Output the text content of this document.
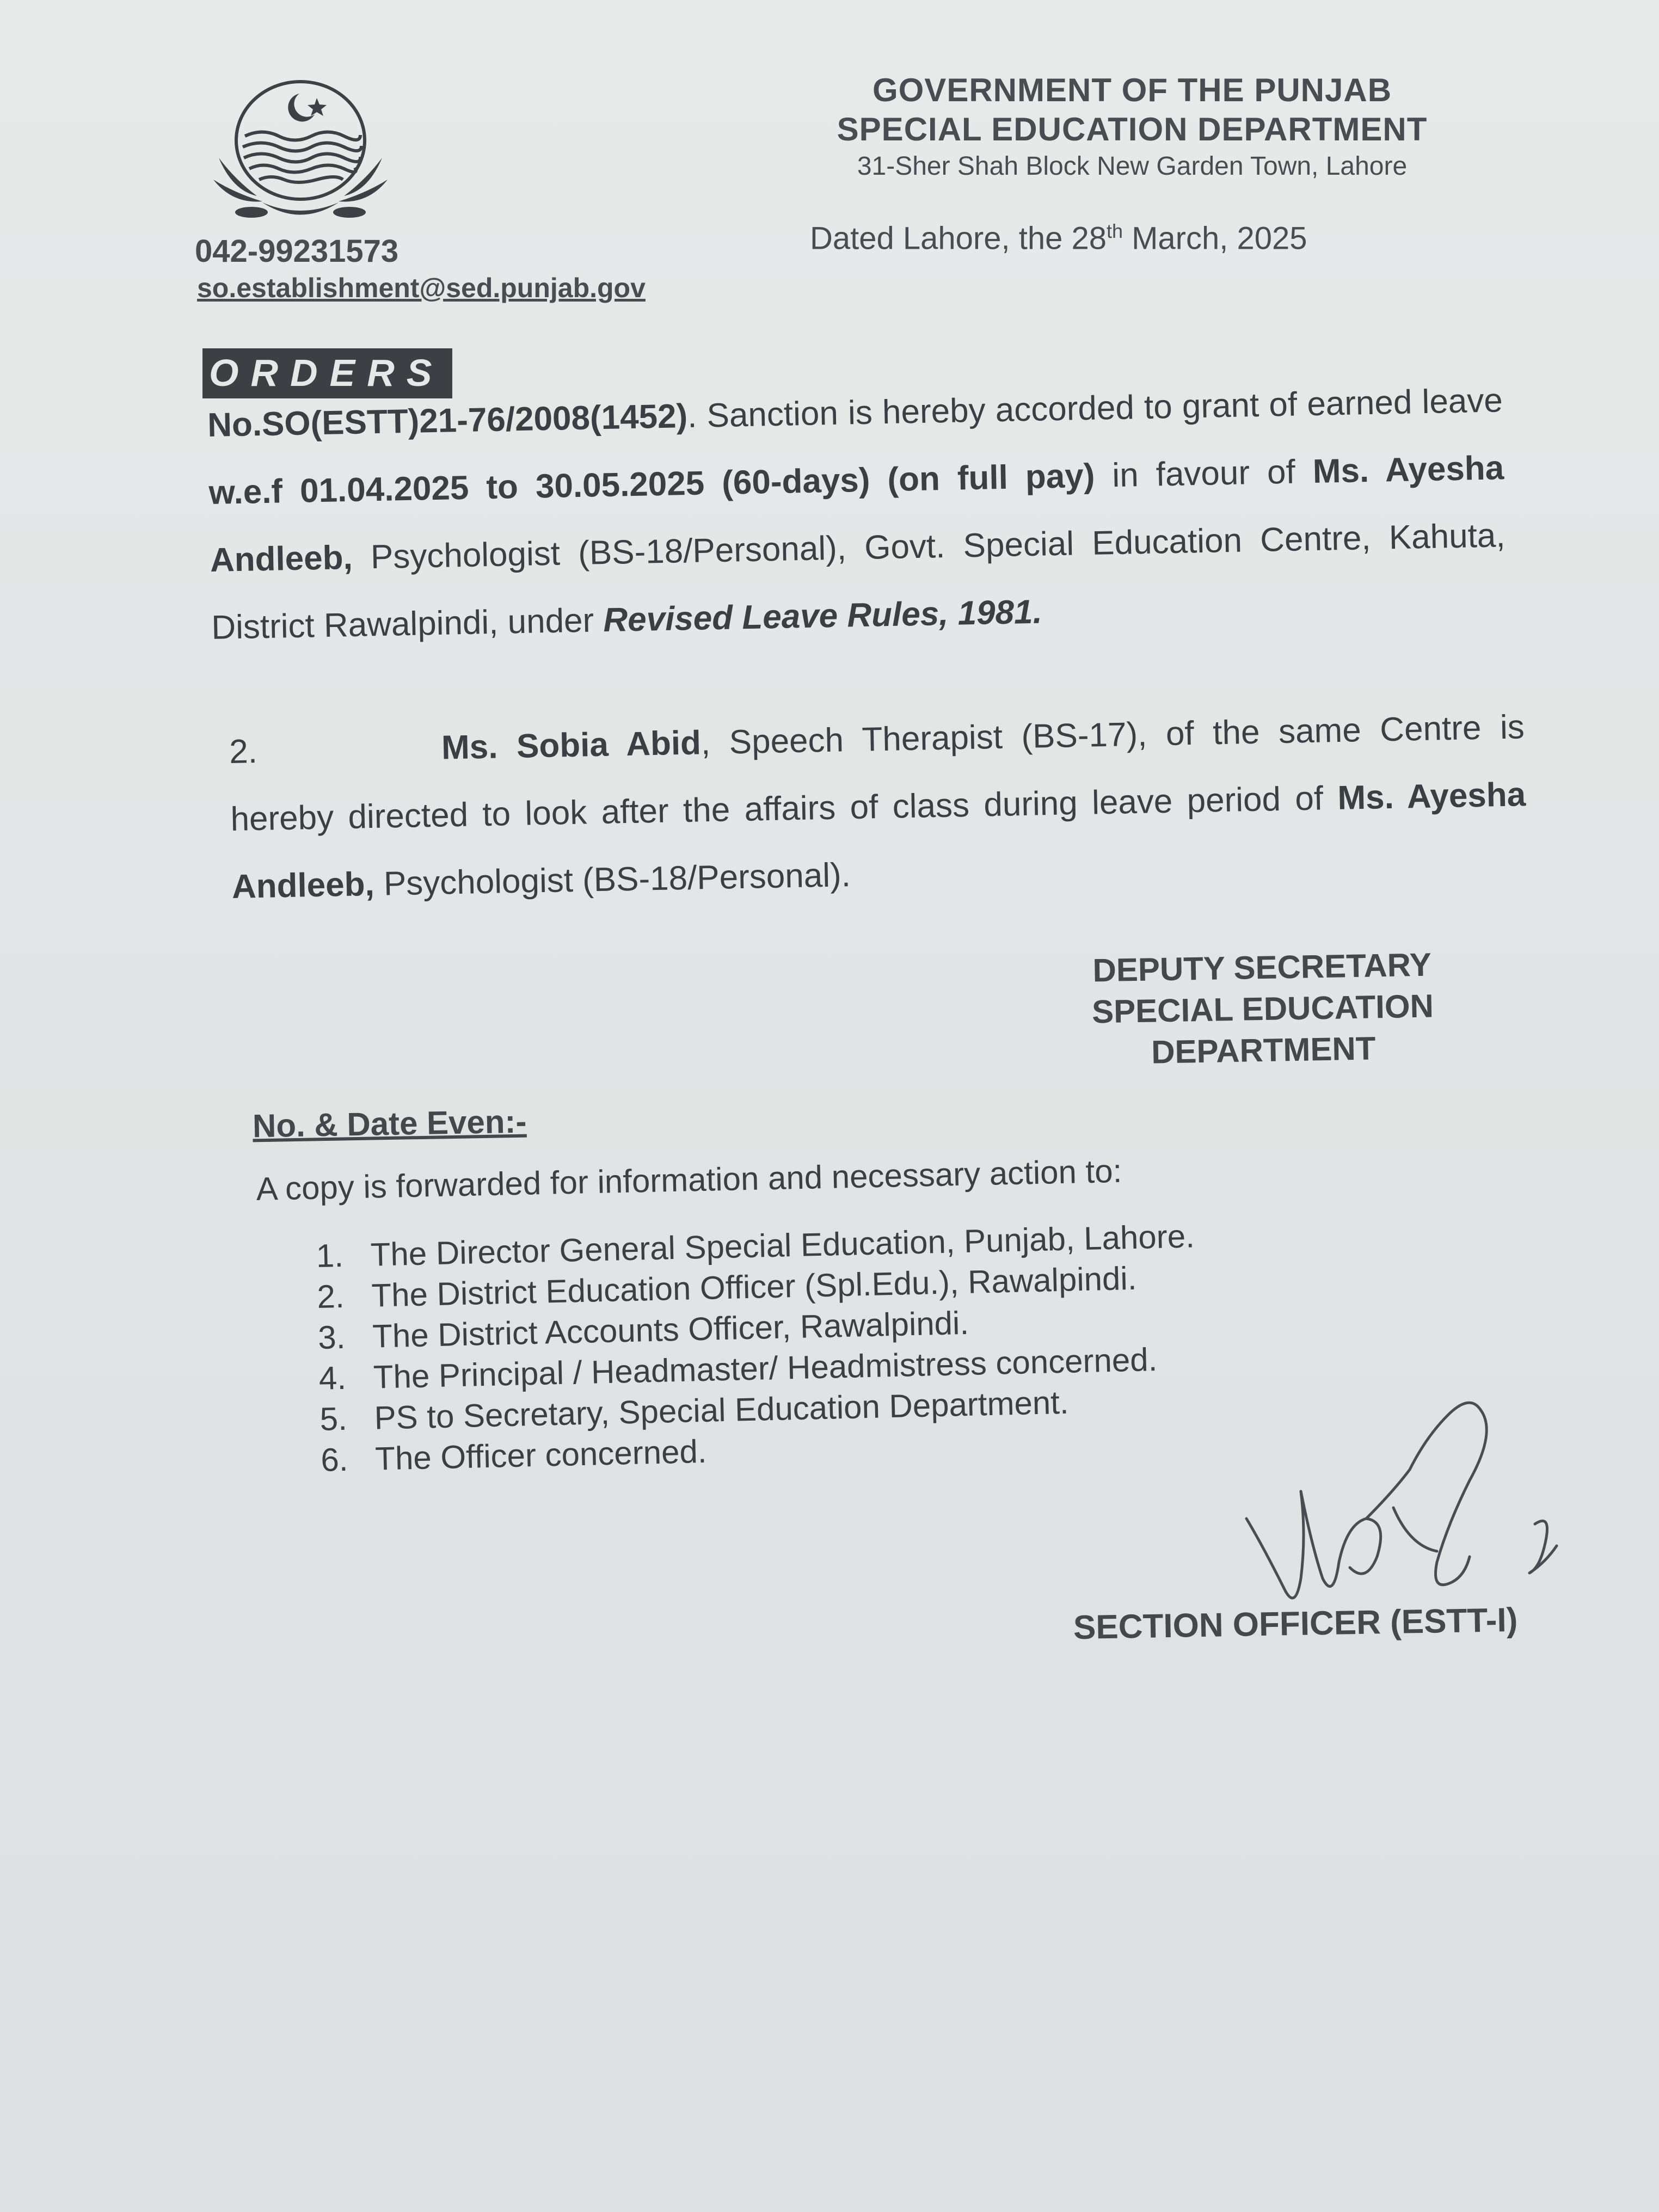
GOVERNMENT OF THE PUNJAB
SPECIAL EDUCATION DEPARTMENT
31-Sher Shah Block New Garden Town, Lahore
042-99231573
so.establishment@sed.punjab.gov
Dated Lahore, the 28th March, 2025
ORDERS
No.SO(ESTT)21-76/2008(1452). Sanction is hereby accorded to grant of earned leave w.e.f 01.04.2025 to 30.05.2025 (60-days) (on full pay) in favour of Ms. Ayesha Andleeb, Psychologist (BS-18/Personal), Govt. Special Education Centre, Kahuta, District Rawalpindi, under Revised Leave Rules, 1981.
2.	Ms. Sobia Abid, Speech Therapist (BS-17), of the same Centre is hereby directed to look after the affairs of class during leave period of Ms. Ayesha Andleeb, Psychologist (BS-18/Personal).
DEPUTY SECRETARY
SPECIAL EDUCATION
DEPARTMENT
No. & Date Even:-
A copy is forwarded for information and necessary action to:
1. The Director General Special Education, Punjab, Lahore.
2. The District Education Officer (Spl.Edu.), Rawalpindi.
3. The District Accounts Officer, Rawalpindi.
4. The Principal / Headmaster/ Headmistress concerned.
5. PS to Secretary, Special Education Department.
6. The Officer concerned.
SECTION OFFICER (ESTT-I)
